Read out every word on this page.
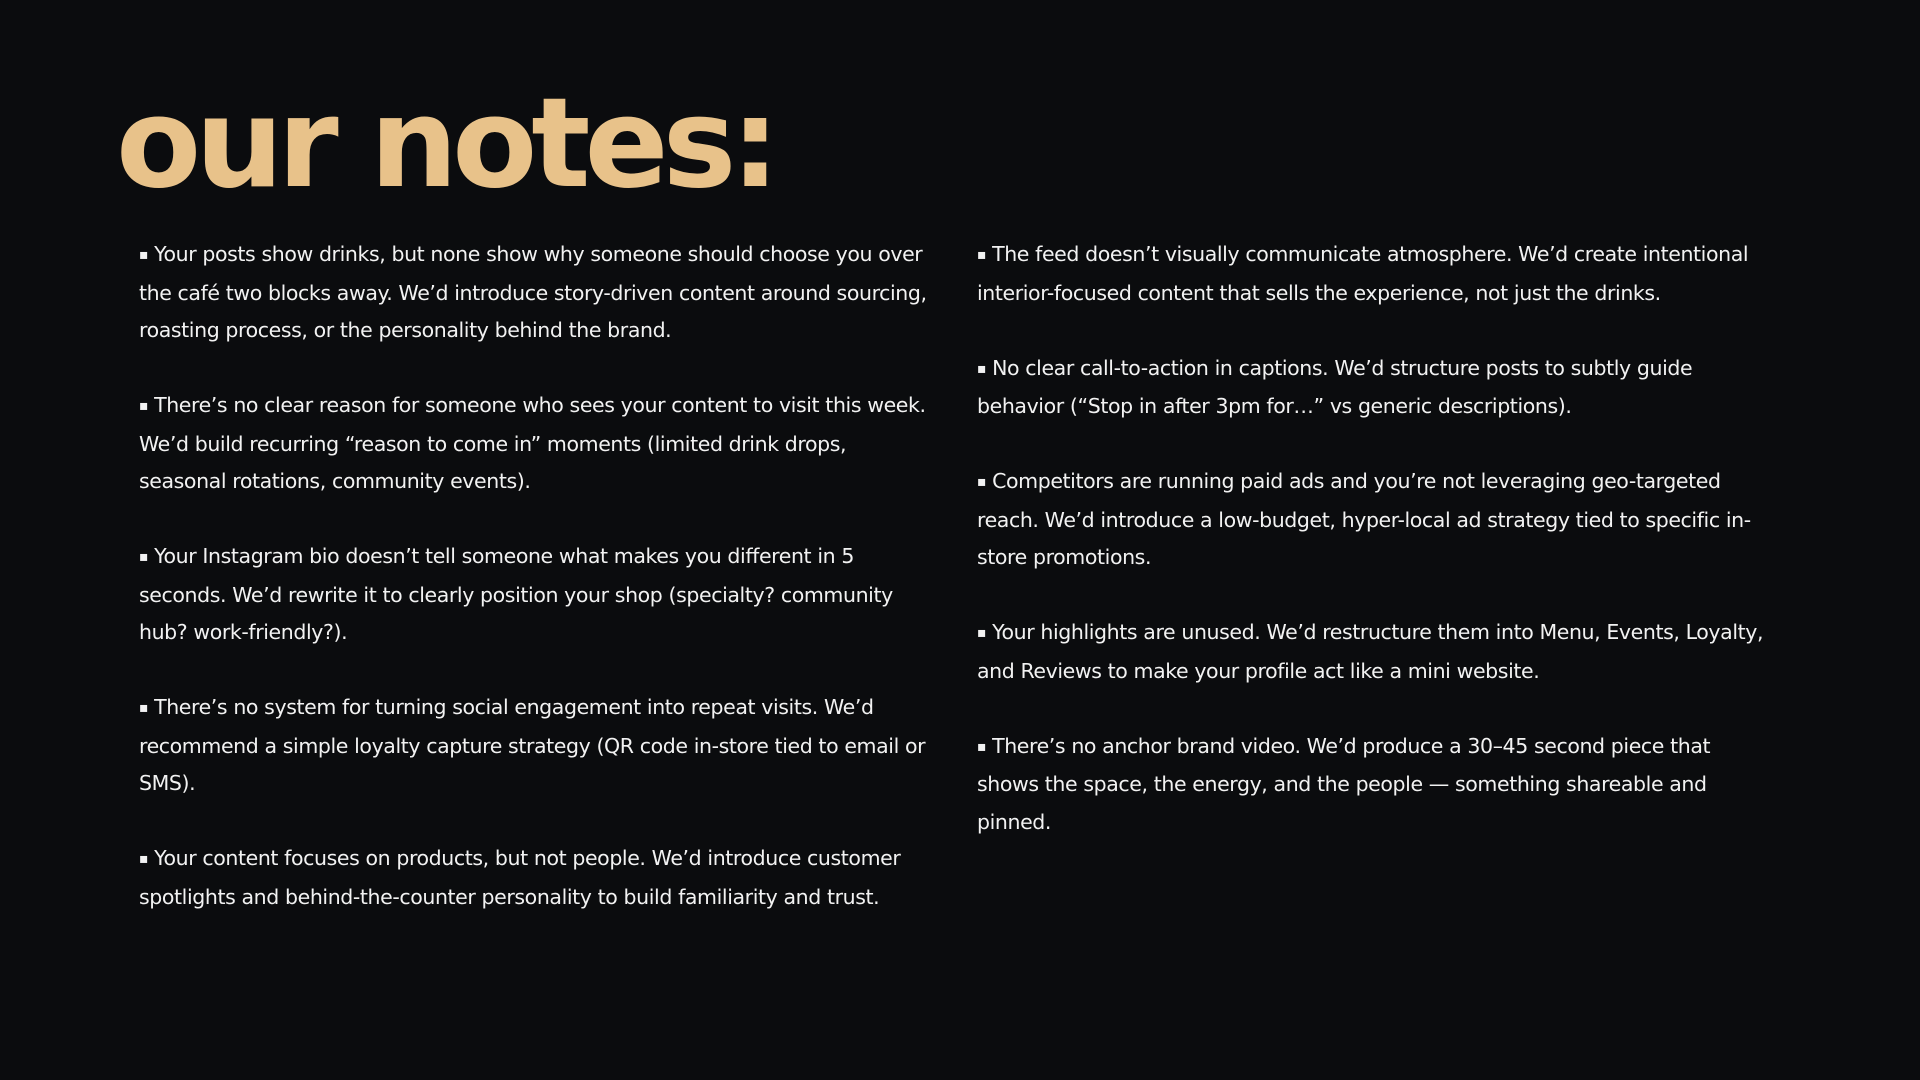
our notes:
▪ Your posts show drinks, but none show why someone should choose you over the café two blocks away. We’d introduce story-driven content around sourcing, roasting process, or the personality behind the brand.
▪ There’s no clear reason for someone who sees your content to visit this week. We’d build recurring “reason to come in” moments (limited drink drops, seasonal rotations, community events).
▪ Your Instagram bio doesn’t tell someone what makes you different in 5 seconds. We’d rewrite it to clearly position your shop (specialty? community hub? work-friendly?).
▪ There’s no system for turning social engagement into repeat visits. We’d recommend a simple loyalty capture strategy (QR code in-store tied to email or SMS).
▪ Your content focuses on products, but not people. We’d introduce customer spotlights and behind-the-counter personality to build familiarity and trust.
▪ The feed doesn’t visually communicate atmosphere. We’d create intentional interior-focused content that sells the experience, not just the drinks.
▪ No clear call-to-action in captions. We’d structure posts to subtly guide behavior (“Stop in after 3pm for…” vs generic descriptions).
▪ Competitors are running paid ads and you’re not leveraging geo-targeted reach. We’d introduce a low-budget, hyper-local ad strategy tied to specific in-store promotions.
▪ Your highlights are unused. We’d restructure them into Menu, Events, Loyalty, and Reviews to make your profile act like a mini website.
▪ There’s no anchor brand video. We’d produce a 30–45 second piece that shows the space, the energy, and the people — something shareable and pinned.
